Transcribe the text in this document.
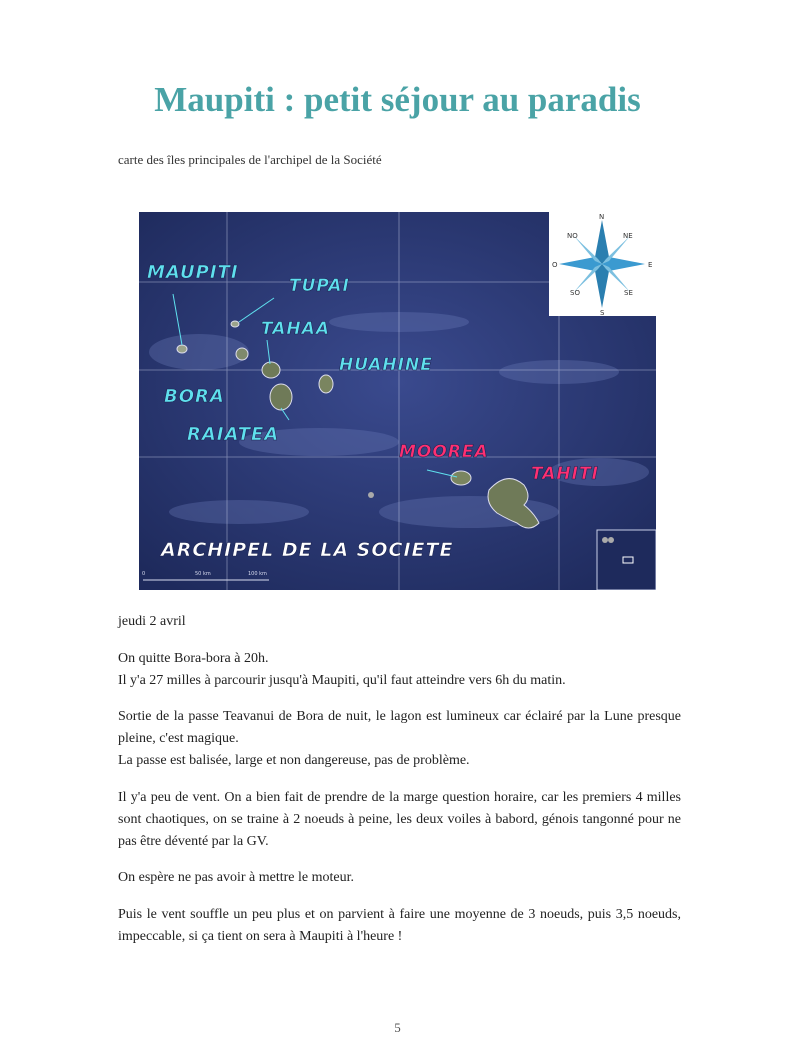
Maupiti : petit séjour au paradis
carte des îles principales de l'archipel de la Société
MAUPITI
TUPAI
TAHAA
HUAHINE
BORA
RAIATEA
MOOREA
TAHITI
ARCHIPEL DE LA SOCIETE
N
NE
E
SE
S
SO
O
NO
0	50 km	100 km
jeudi 2 avril

On quitte Bora-bora à 20h.

Il y'a 27 milles à parcourir jusqu'à Maupiti, qu'il faut atteindre vers 6h du matin.

Sortie de la passe Teavanui de Bora de nuit, le lagon est lumineux car éclairé par la Lune presque pleine, c'est magique.

La passe est balisée, large et non dangereuse, pas de problème.

Il y'a peu de vent. On a bien fait de prendre de la marge question horaire, car les premiers 4 milles sont chaotiques, on se traine à 2 noeuds à peine, les deux voiles à babord, génois tangonné pour ne pas être déventé par la GV.

On espère ne pas avoir à mettre le moteur.

Puis le vent souffle un peu plus et on parvient à faire une moyenne de 3 noeuds, puis 3,5 noeuds, impeccable, si ça tient on sera à Maupiti à l'heure !

5
